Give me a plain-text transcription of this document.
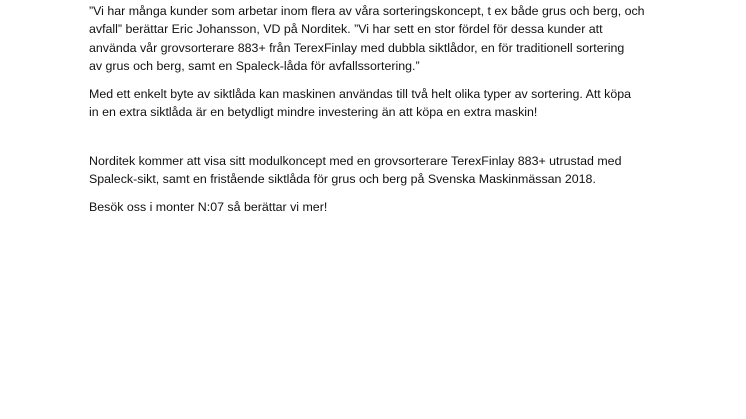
”Vi har många kunder som arbetar inom flera av våra sorteringskoncept, t ex både grus och berg, och
avfall” berättar Eric Johansson, VD på Norditek. ”Vi har sett en stor fördel för dessa kunder att
använda vår grovsorterare 883+ från TerexFinlay med dubbla siktlådor, en för traditionell sortering
av grus och berg, samt en Spaleck-låda för avfallssortering.”

Med ett enkelt byte av siktlåda kan maskinen användas till två helt olika typer av sortering. Att köpa
in en extra siktlåda är en betydligt mindre investering än att köpa en extra maskin!

Norditek kommer att visa sitt modulkoncept med en grovsorterare TerexFinlay 883+ utrustad med
Spaleck-sikt, samt en fristående siktlåda för grus och berg på Svenska Maskinmässan 2018.

Besök oss i monter N:07 så berättar vi mer!
